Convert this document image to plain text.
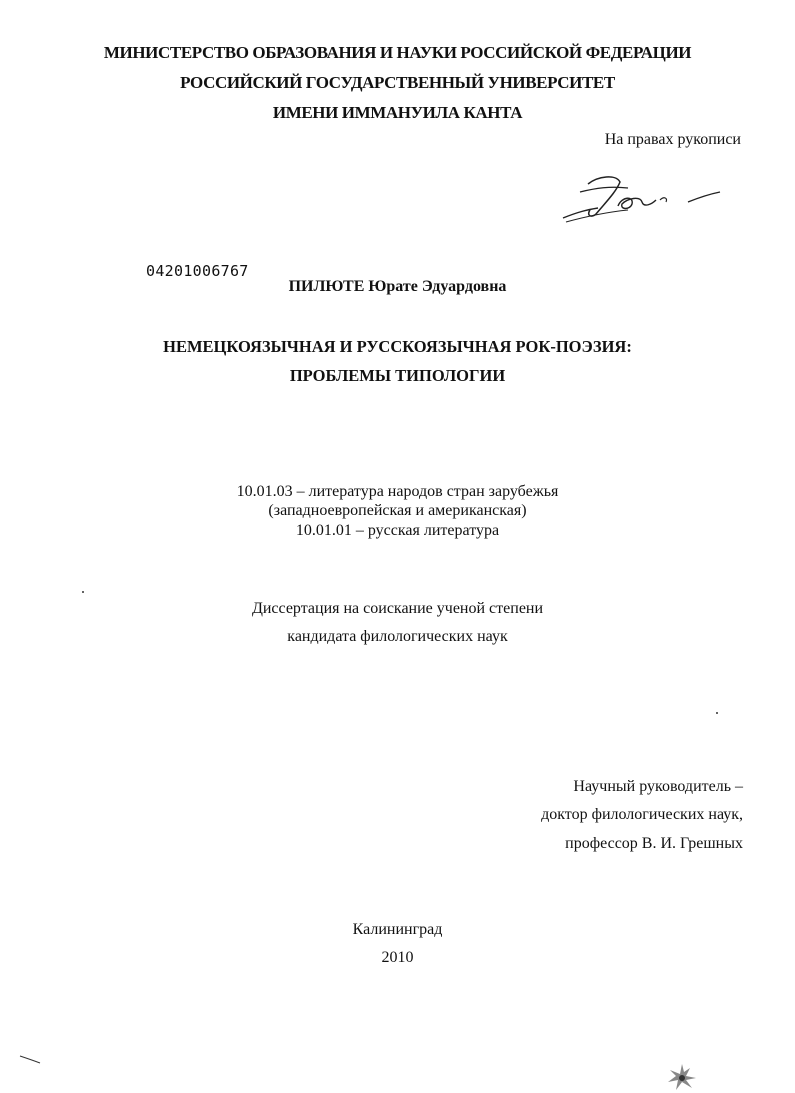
МИНИСТЕРСТВО ОБРАЗОВАНИЯ И НАУКИ РОССИЙСКОЙ ФЕДЕРАЦИИ
РОССИЙСКИЙ ГОСУДАРСТВЕННЫЙ УНИВЕРСИТЕТ
ИМЕНИ ИММАНУИЛА КАНТА
На правах рукописи
04201006767
ПИЛЮТЕ Юрате Эдуардовна
НЕМЕЦКОЯЗЫЧНАЯ И РУССКОЯЗЫЧНАЯ РОК-ПОЭЗИЯ:
ПРОБЛЕМЫ ТИПОЛОГИИ
10.01.03 – литература народов стран зарубежья
(западноевропейская и американская)
10.01.01 – русская литература
Диссертация на соискание ученой степени
кандидата филологических наук
Научный руководитель –
доктор филологических наук,
профессор В. И. Грешных
Калининград
2010
